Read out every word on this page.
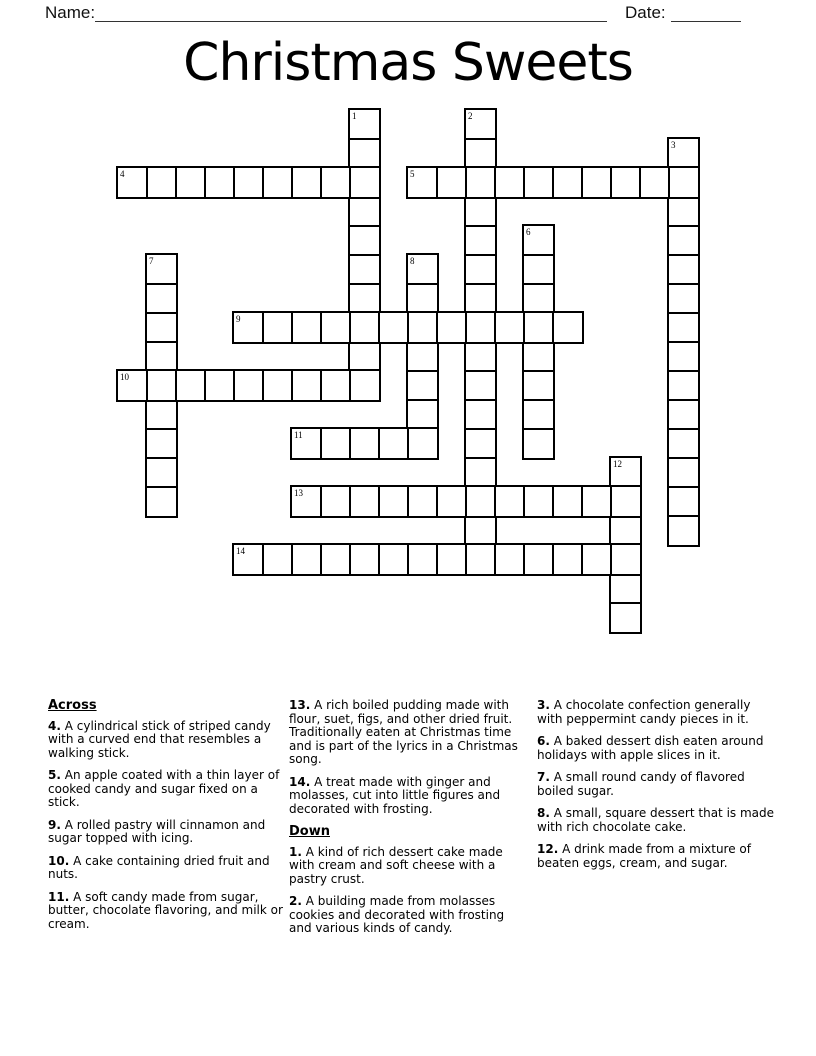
Name:	Date:
Christmas Sweets
1	2
3
4	5
6
7	8
9
10
11
12
13
14
Across
4. A cylindrical stick of striped candy with a curved end that resembles a walking stick.
5. An apple coated with a thin layer of cooked candy and sugar fixed on a stick.
9. A rolled pastry will cinnamon and sugar topped with icing.
10. A cake containing dried fruit and nuts.
11. A soft candy made from sugar, butter, chocolate flavoring, and milk or cream.
13. A rich boiled pudding made with flour, suet, figs, and other dried fruit. Traditionally eaten at Christmas time and is part of the lyrics in a Christmas song.
14. A treat made with ginger and molasses, cut into little figures and decorated with frosting.
Down
1. A kind of rich dessert cake made with cream and soft cheese with a pastry crust.
2. A building made from molasses cookies and decorated with frosting and various kinds of candy.
3. A chocolate confection generally with peppermint candy pieces in it.
6. A baked dessert dish eaten around holidays with apple slices in it.
7. A small round candy of flavored boiled sugar.
8. A small, square dessert that is made with rich chocolate cake.
12. A drink made from a mixture of beaten eggs, cream, and sugar.
